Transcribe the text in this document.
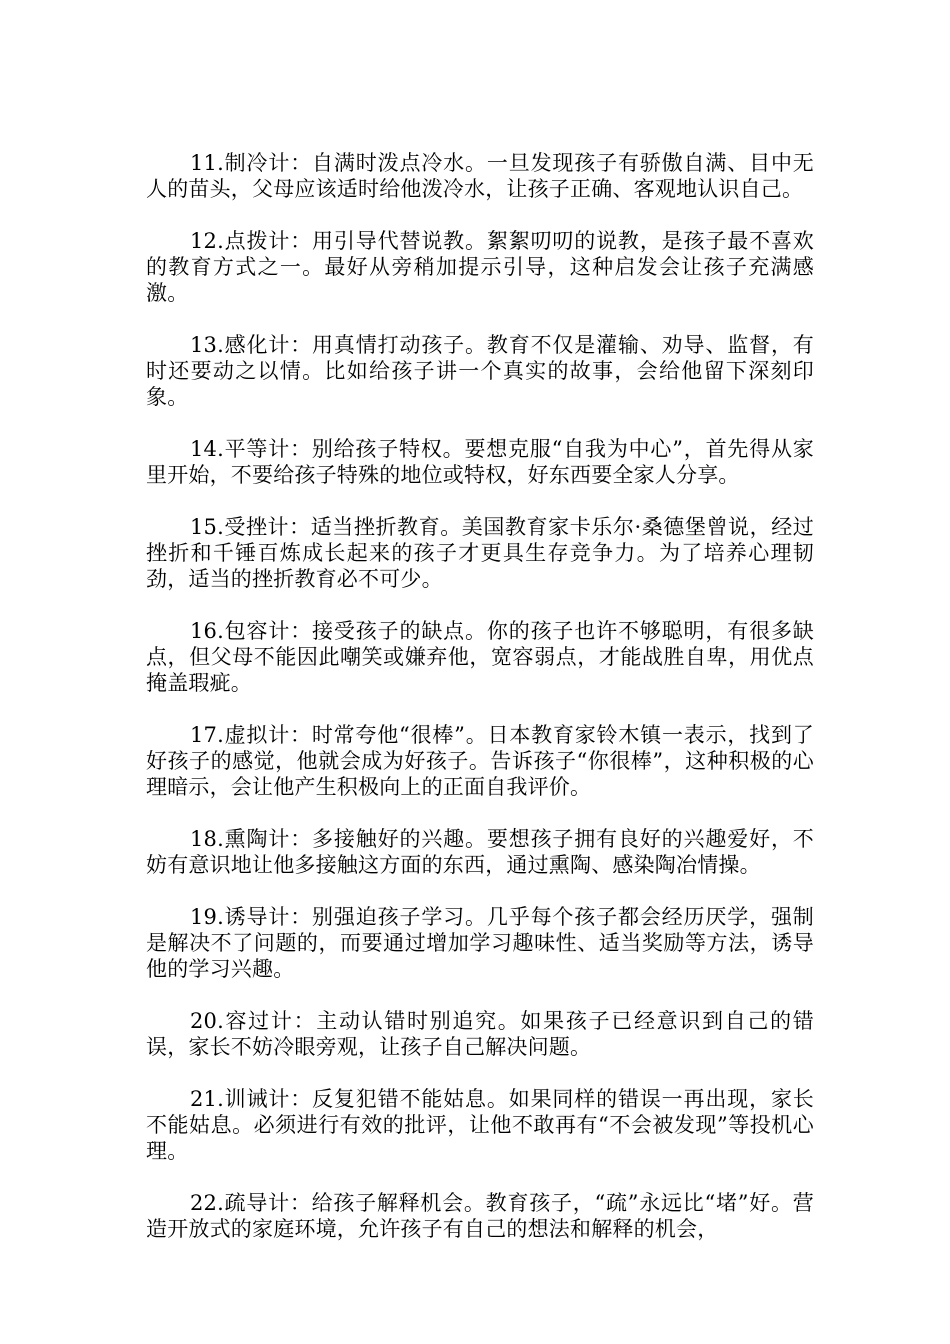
11.制冷计：自满时泼点冷水。一旦发现孩子有骄傲自满、目中无人的苗头，父母应该适时给他泼冷水，让孩子正确、客观地认识自己。

12.点拨计：用引导代替说教。絮絮叨叨的说教，是孩子最不喜欢的教育方式之一。最好从旁稍加提示引导，这种启发会让孩子充满感激。

13.感化计：用真情打动孩子。教育不仅是灌输、劝导、监督，有时还要动之以情。比如给孩子讲一个真实的故事，会给他留下深刻印象。

14.平等计：别给孩子特权。要想克服“自我为中心”，首先得从家里开始，不要给孩子特殊的地位或特权，好东西要全家人分享。

15.受挫计：适当挫折教育。美国教育家卡乐尔·桑德堡曾说，经过挫折和千锤百炼成长起来的孩子才更具生存竞争力。为了培养心理韧劲，适当的挫折教育必不可少。

16.包容计：接受孩子的缺点。你的孩子也许不够聪明，有很多缺点，但父母不能因此嘲笑或嫌弃他，宽容弱点，才能战胜自卑，用优点掩盖瑕疵。

17.虚拟计：时常夸他“很棒”。日本教育家铃木镇一表示，找到了好孩子的感觉，他就会成为好孩子。告诉孩子“你很棒”，这种积极的心理暗示，会让他产生积极向上的正面自我评价。

18.熏陶计：多接触好的兴趣。要想孩子拥有良好的兴趣爱好，不妨有意识地让他多接触这方面的东西，通过熏陶、感染陶冶情操。

19.诱导计：别强迫孩子学习。几乎每个孩子都会经历厌学，强制是解决不了问题的，而要通过增加学习趣味性、适当奖励等方法，诱导他的学习兴趣。

20.容过计：主动认错时别追究。如果孩子已经意识到自己的错误，家长不妨冷眼旁观，让孩子自己解决问题。

21.训诫计：反复犯错不能姑息。如果同样的错误一再出现，家长不能姑息。必须进行有效的批评，让他不敢再有“不会被发现”等投机心理。

22.疏导计：给孩子解释机会。教育孩子，“疏”永远比“堵”好。营造开放式的家庭环境，允许孩子有自己的想法和解释的机会，
